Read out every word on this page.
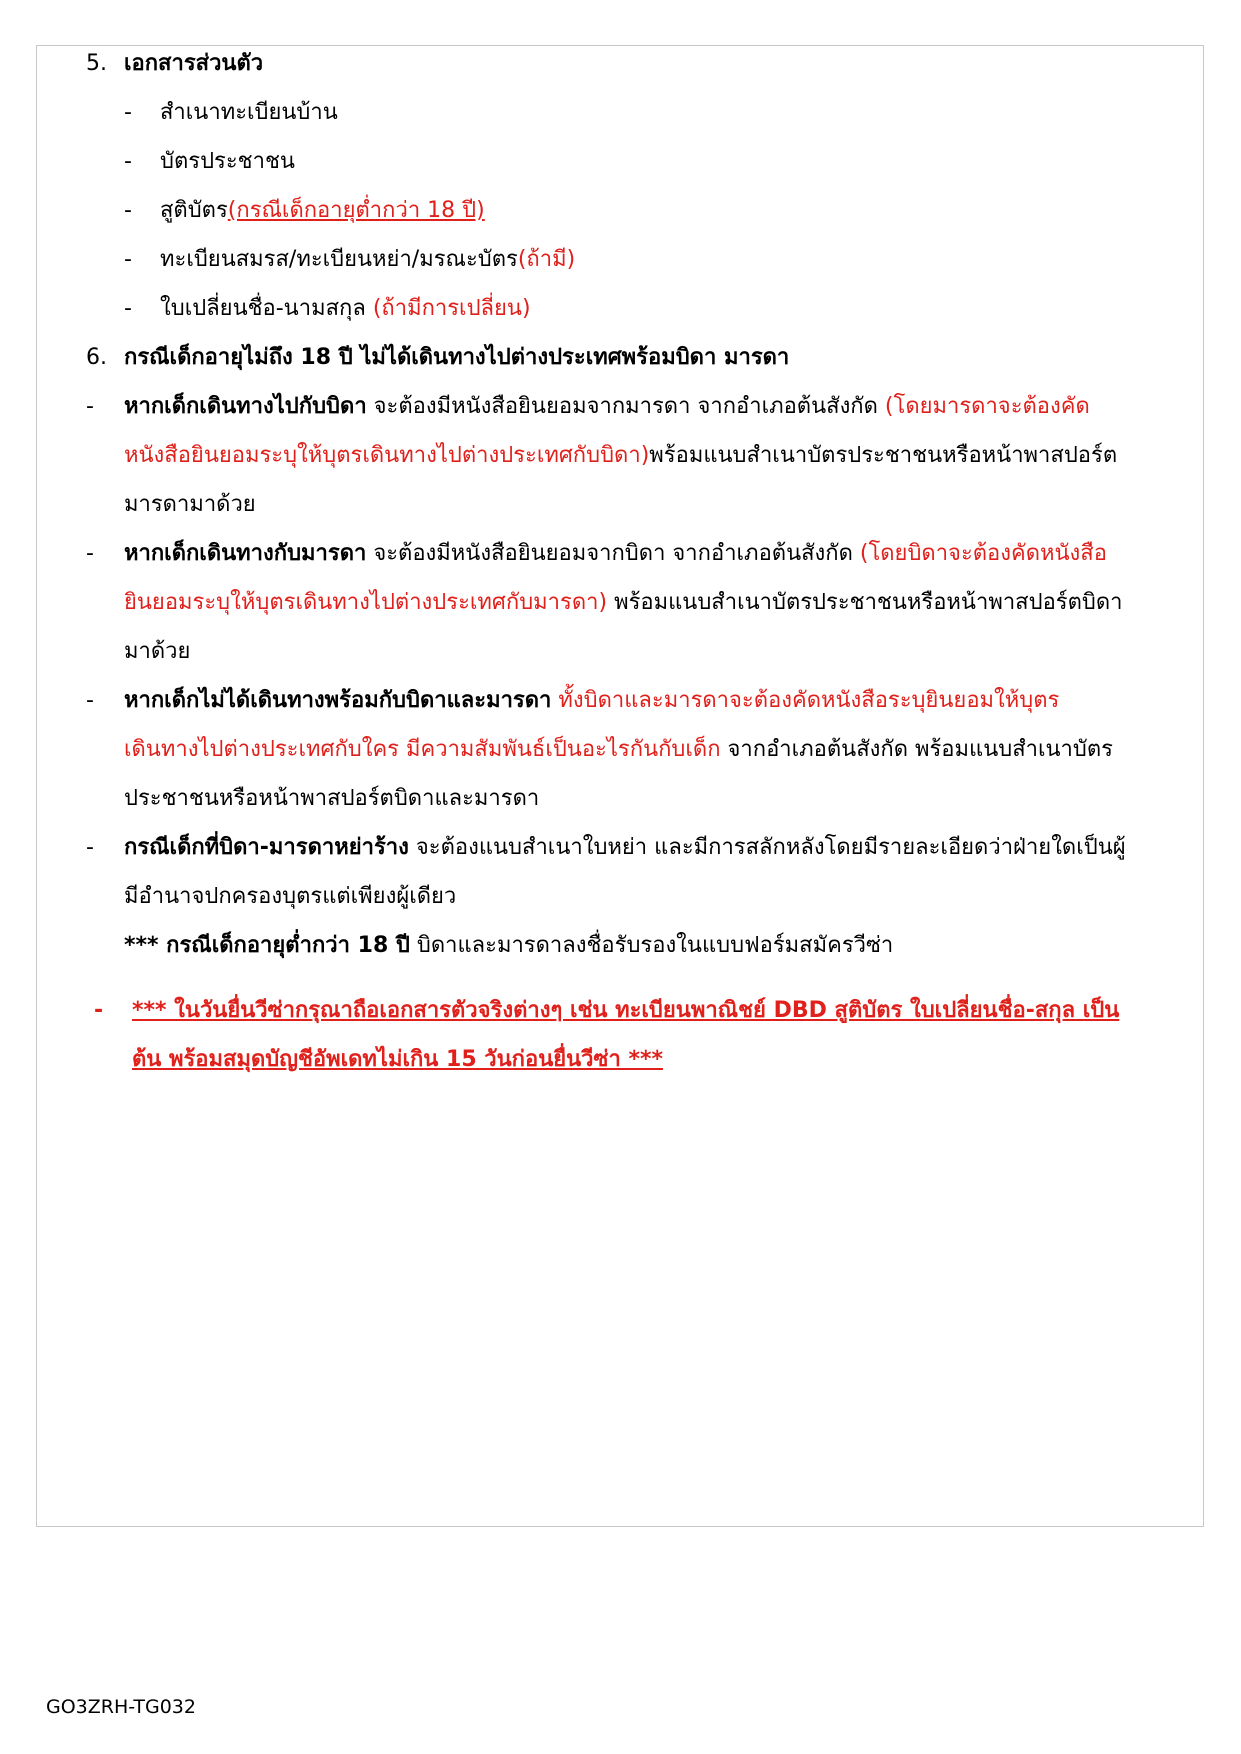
5. เอกสารส่วนตัว
- สำเนาทะเบียนบ้าน
- บัตรประชาชน
- สูติบัตร(กรณีเด็กอายุต่ำกว่า 18 ปี)
- ทะเบียนสมรส/ทะเบียนหย่า/มรณะบัตร(ถ้ามี)
- ใบเปลี่ยนชื่อ-นามสกุล (ถ้ามีการเปลี่ยน)
6. กรณีเด็กอายุไม่ถึง 18 ปี ไม่ได้เดินทางไปต่างประเทศพร้อมบิดา มารดา
- หากเด็กเดินทางไปกับบิดา จะต้องมีหนังสือยินยอมจากมารดา จากอำเภอต้นสังกัด (โดยมารดาจะต้องคัด
หนังสือยินยอมระบุให้บุตรเดินทางไปต่างประเทศกับบิดา)พร้อมแนบสำเนาบัตรประชาชนหรือหน้าพาสปอร์ต
มารดามาด้วย
- หากเด็กเดินทางกับมารดา จะต้องมีหนังสือยินยอมจากบิดา จากอำเภอต้นสังกัด (โดยบิดาจะต้องคัดหนังสือ
ยินยอมระบุให้บุตรเดินทางไปต่างประเทศกับมารดา) พร้อมแนบสำเนาบัตรประชาชนหรือหน้าพาสปอร์ตบิดา
มาด้วย
- หากเด็กไม่ได้เดินทางพร้อมกับบิดาและมารดา ทั้งบิดาและมารดาจะต้องคัดหนังสือระบุยินยอมให้บุตร
เดินทางไปต่างประเทศกับใคร มีความสัมพันธ์เป็นอะไรกันกับเด็ก จากอำเภอต้นสังกัด พร้อมแนบสำเนาบัตร
ประชาชนหรือหน้าพาสปอร์ตบิดาและมารดา
- กรณีเด็กที่บิดา-มารดาหย่าร้าง จะต้องแนบสำเนาใบหย่า และมีการสลักหลังโดยมีรายละเอียดว่าฝ่ายใดเป็นผู้
มีอำนาจปกครองบุตรแต่เพียงผู้เดียว
*** กรณีเด็กอายุต่ำกว่า 18 ปี บิดาและมารดาลงชื่อรับรองในแบบฟอร์มสมัครวีซ่า
- *** ในวันยื่นวีซ่ากรุณาถือเอกสารตัวจริงต่างๆ เช่น ทะเบียนพาณิชย์ DBD สูติบัตร ใบเปลี่ยนชื่อ-สกุล เป็น
ต้น พร้อมสมุดบัญชีอัพเดทไม่เกิน 15 วันก่อนยื่นวีซ่า ***
GO3ZRH-TG032
